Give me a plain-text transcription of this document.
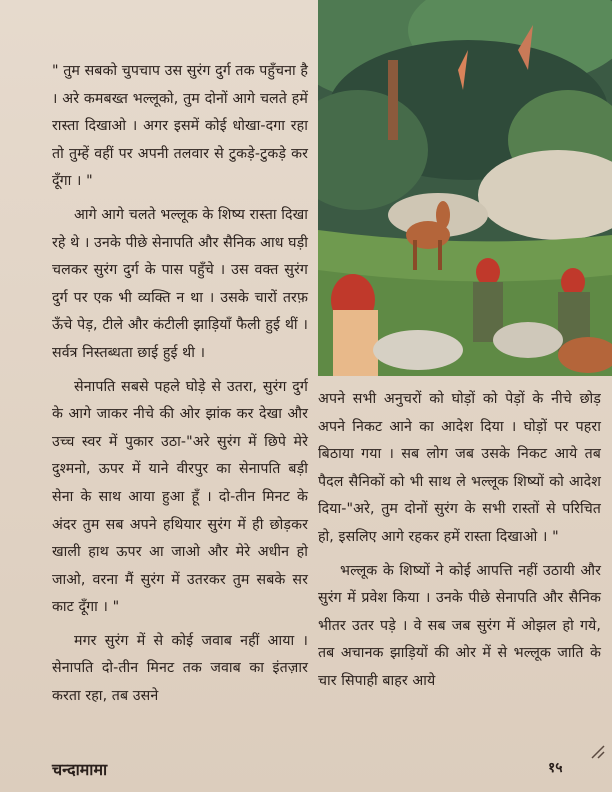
" तुम सबको चुपचाप उस सुरंग दुर्ग तक पहुँचना है । अरे कमबख्त भल्लूको, तुम दोनों आगे चलते हमें रास्ता दिखाओ । अगर इसमें कोई धोखा-दगा रहा तो तुम्हें वहीं पर अपनी तलवार से टुकड़े-टुकड़े कर दूँगा । "

आगे आगे चलते भल्लूक के शिष्य रास्ता दिखा रहे थे । उनके पीछे सेनापति और सैनिक आध घड़ी चलकर सुरंग दुर्ग के पास पहुँचे । उस वक्त सुरंग दुर्ग पर एक भी व्यक्ति न था । उसके चारों तरफ़ ऊँचे पेड़, टीले और कंटीली झाड़ियाँ फैली हुई थीं । सर्वत्र निस्तब्धता छाई हुई थी ।

सेनापति सबसे पहले घोड़े से उतरा, सुरंग दुर्ग के आगे जाकर नीचे की ओर झांक कर देखा और उच्च स्वर में पुकार उठा-"अरे सुरंग में छिपे मेरे दुश्मनो, ऊपर में याने वीरपुर का सेनापति बड़ी सेना के साथ आया हुआ हूँ । दो-तीन मिनट के अंदर तुम सब अपने हथियार सुरंग में ही छोड़कर खाली हाथ ऊपर आ जाओ और मेरे अधीन हो जाओ, वरना मैं सुरंग में उतरकर तुम सबके सर काट दूँगा । "

मगर सुरंग में से कोई जवाब नहीं आया । सेनापति दो-तीन मिनट तक जवाब का इंतज़ार करता रहा, तब उसने

अपने सभी अनुचरों को घोड़ों को पेड़ों के नीचे छोड़ अपने निकट आने का आदेश दिया । घोड़ों पर पहरा बिठाया गया । सब लोग जब उसके निकट आये तब पैदल सैनिकों को भी साथ ले भल्लूक शिष्यों को आदेश दिया-"अरे, तुम दोनों सुरंग के सभी रास्तों से परिचित हो, इसलिए आगे रहकर हमें रास्ता दिखाओ । "

भल्लूक के शिष्यों ने कोई आपत्ति नहीं उठायी और सुरंग में प्रवेश किया । उनके पीछे सेनापति और सैनिक भीतर उतर पड़े । वे सब जब सुरंग में ओझल हो गये, तब अचानक झाड़ियों की ओर में से भल्लूक जाति के चार सिपाही बाहर आये

चन्दामामा	१५
